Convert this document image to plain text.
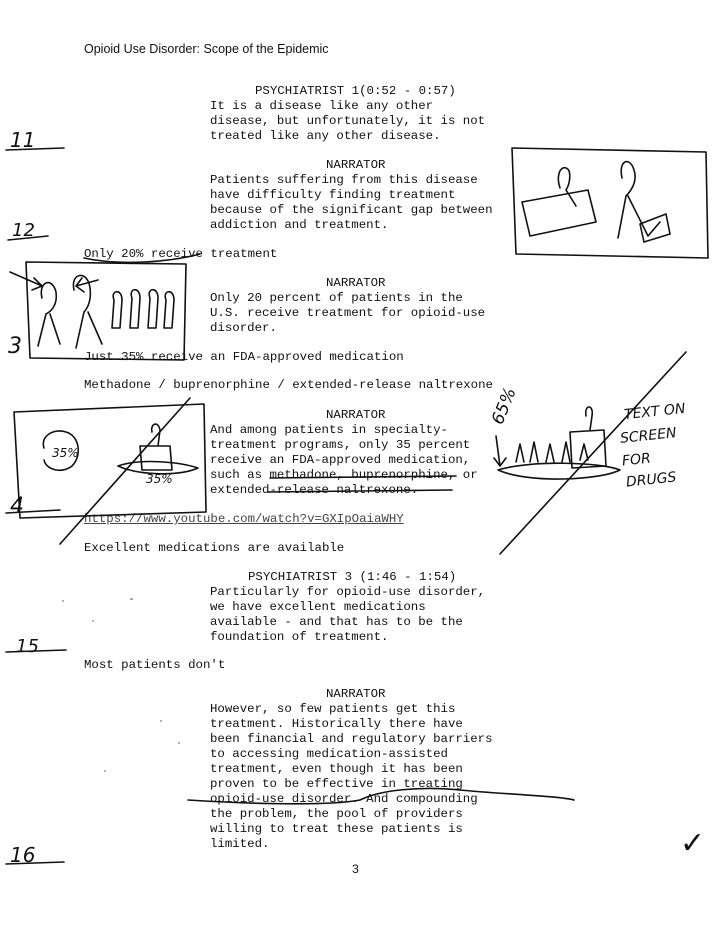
Opioid Use Disorder: Scope of the Epidemic
PSYCHIATRIST 1(0:52 - 0:57)
It is a disease like any other
disease, but unfortunately, it is not
treated like any other disease.
NARRATOR
Patients suffering from this disease
have difficulty finding treatment
because of the significant gap between
addiction and treatment.
Only 20% receive treatment
NARRATOR
Only 20 percent of patients in the
U.S. receive treatment for opioid-use
disorder.
Just 35% receive an FDA-approved medication
Methadone / buprenorphine / extended-release naltrexone
NARRATOR
And among patients in specialty-
treatment programs, only 35 percent
receive an FDA-approved medication,
such as methadone, buprenorphine, or
extended-release naltrexone.
https://www.youtube.com/watch?v=GXIpOaiaWHY
Excellent medications are available
PSYCHIATRIST 3 (1:46 - 1:54)
Particularly for opioid-use disorder,
we have excellent medications
available - and that has to be the
foundation of treatment.
Most patients don't
NARRATOR
However, so few patients get this
treatment. Historically there have
been financial and regulatory barriers
to accessing medication-assisted
treatment, even though it has been
proven to be effective in treating
opioid-use disorder. And compounding
the problem, the pool of providers
willing to treat these patients is
limited.
3
11
12
3
4
15
16
35%
35%
65%	TEXT ON
SCREEN
FOR
DRUGS
✓
